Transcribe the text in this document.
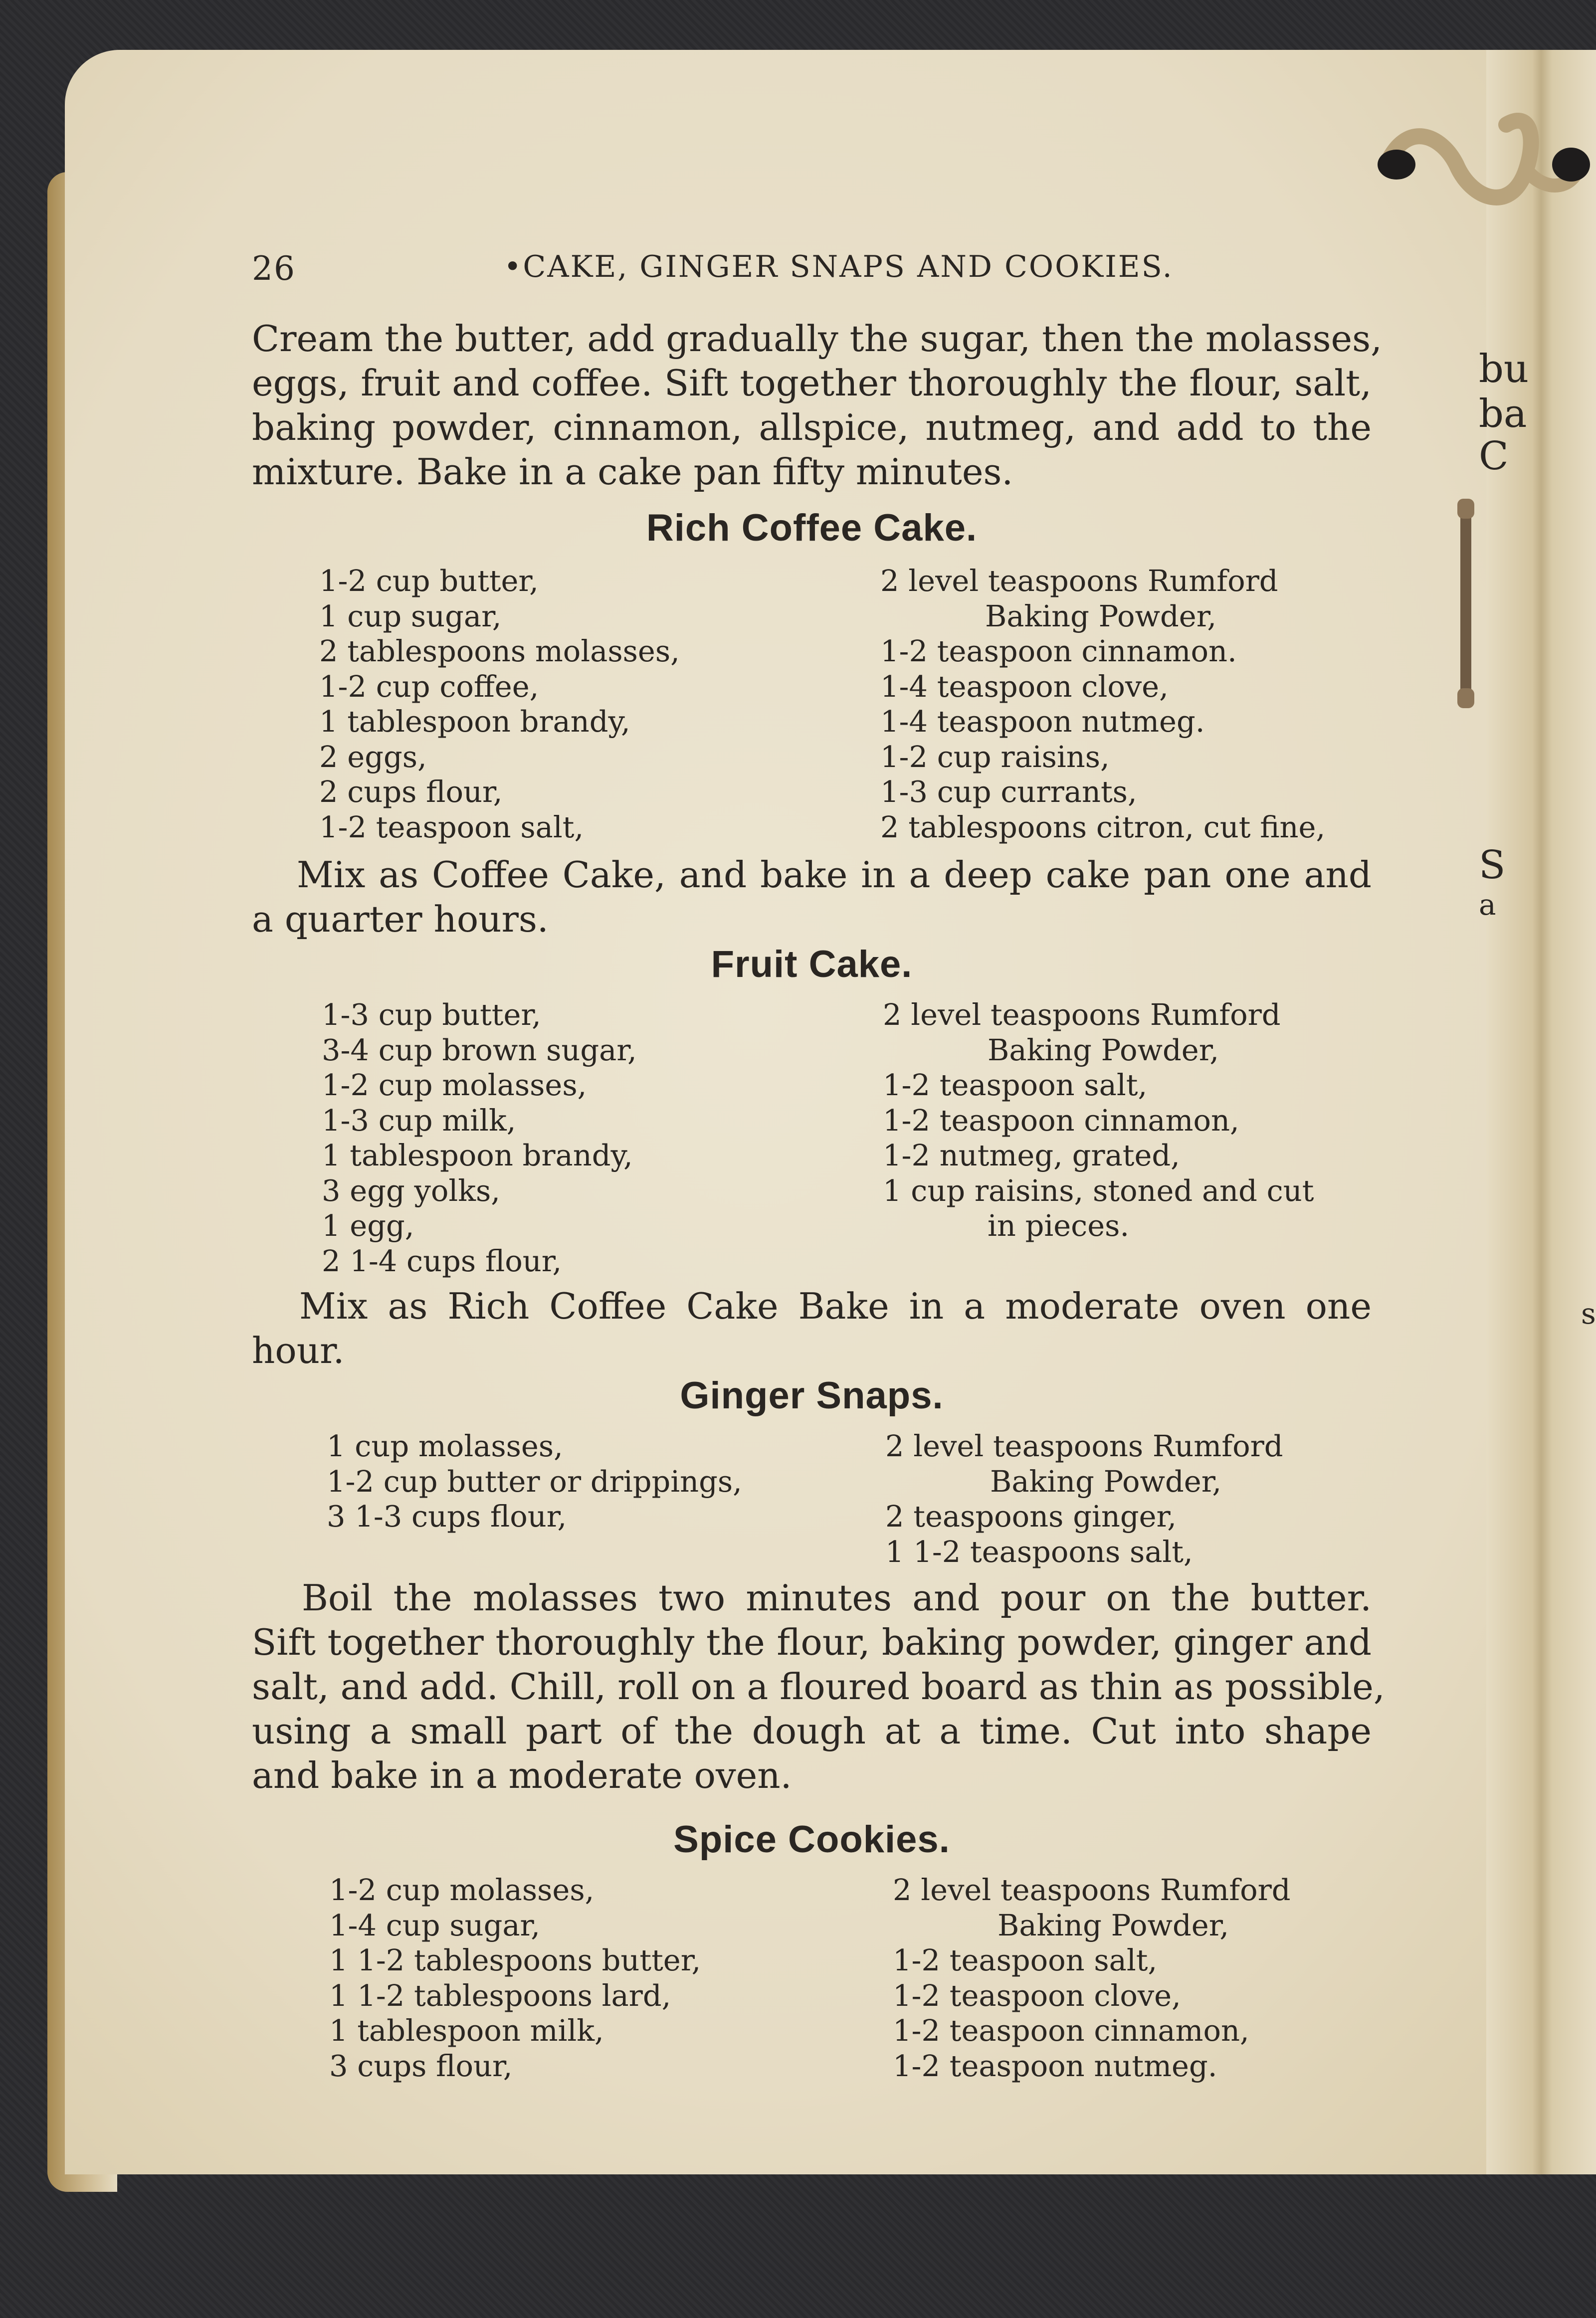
bu
ba
C
S
a
s
26	•CAKE, GINGER SNAPS AND COOKIES.
Cream the butter, add gradually the sugar, then the molasses,
eggs, fruit and coffee. Sift together thoroughly the flour, salt,
baking powder, cinnamon, allspice, nutmeg, and add to the
mixture. Bake in a cake pan fifty minutes.
Rich Coffee Cake.
1-2 cup butter,
1 cup sugar,
2 tablespoons molasses,
1-2 cup coffee,
1 tablespoon brandy,
2 eggs,
2 cups flour,
1-2 teaspoon salt,
2 level teaspoons Rumford
Baking Powder,
1-2 teaspoon cinnamon.
1-4 teaspoon clove,
1-4 teaspoon nutmeg.
1-2 cup raisins,
1-3 cup currants,
2 tablespoons citron, cut fine,
Mix as Coffee Cake, and bake in a deep cake pan one and
a quarter hours.
Fruit Cake.
1-3 cup butter,
3-4 cup brown sugar,
1-2 cup molasses,
1-3 cup milk,
1 tablespoon brandy,
3 egg yolks,
1 egg,
2 1-4 cups flour,
2 level teaspoons Rumford
Baking Powder,
1-2 teaspoon salt,
1-2 teaspoon cinnamon,
1-2 nutmeg, grated,
1 cup raisins, stoned and cut
in pieces.
Mix as Rich Coffee Cake Bake in a moderate oven one
hour.
Ginger Snaps.
1 cup molasses,
1-2 cup butter or drippings,
3 1-3 cups flour,
2 level teaspoons Rumford
Baking Powder,
2 teaspoons ginger,
1 1-2 teaspoons salt,
Boil the molasses two minutes and pour on the butter.
Sift together thoroughly the flour, baking powder, ginger and
salt, and add. Chill, roll on a floured board as thin as possible,
using a small part of the dough at a time. Cut into shape
and bake in a moderate oven.
Spice Cookies.
1-2 cup molasses,
1-4 cup sugar,
1 1-2 tablespoons butter,
1 1-2 tablespoons lard,
1 tablespoon milk,
3 cups flour,
2 level teaspoons Rumford
Baking Powder,
1-2 teaspoon salt,
1-2 teaspoon clove,
1-2 teaspoon cinnamon,
1-2 teaspoon nutmeg.
